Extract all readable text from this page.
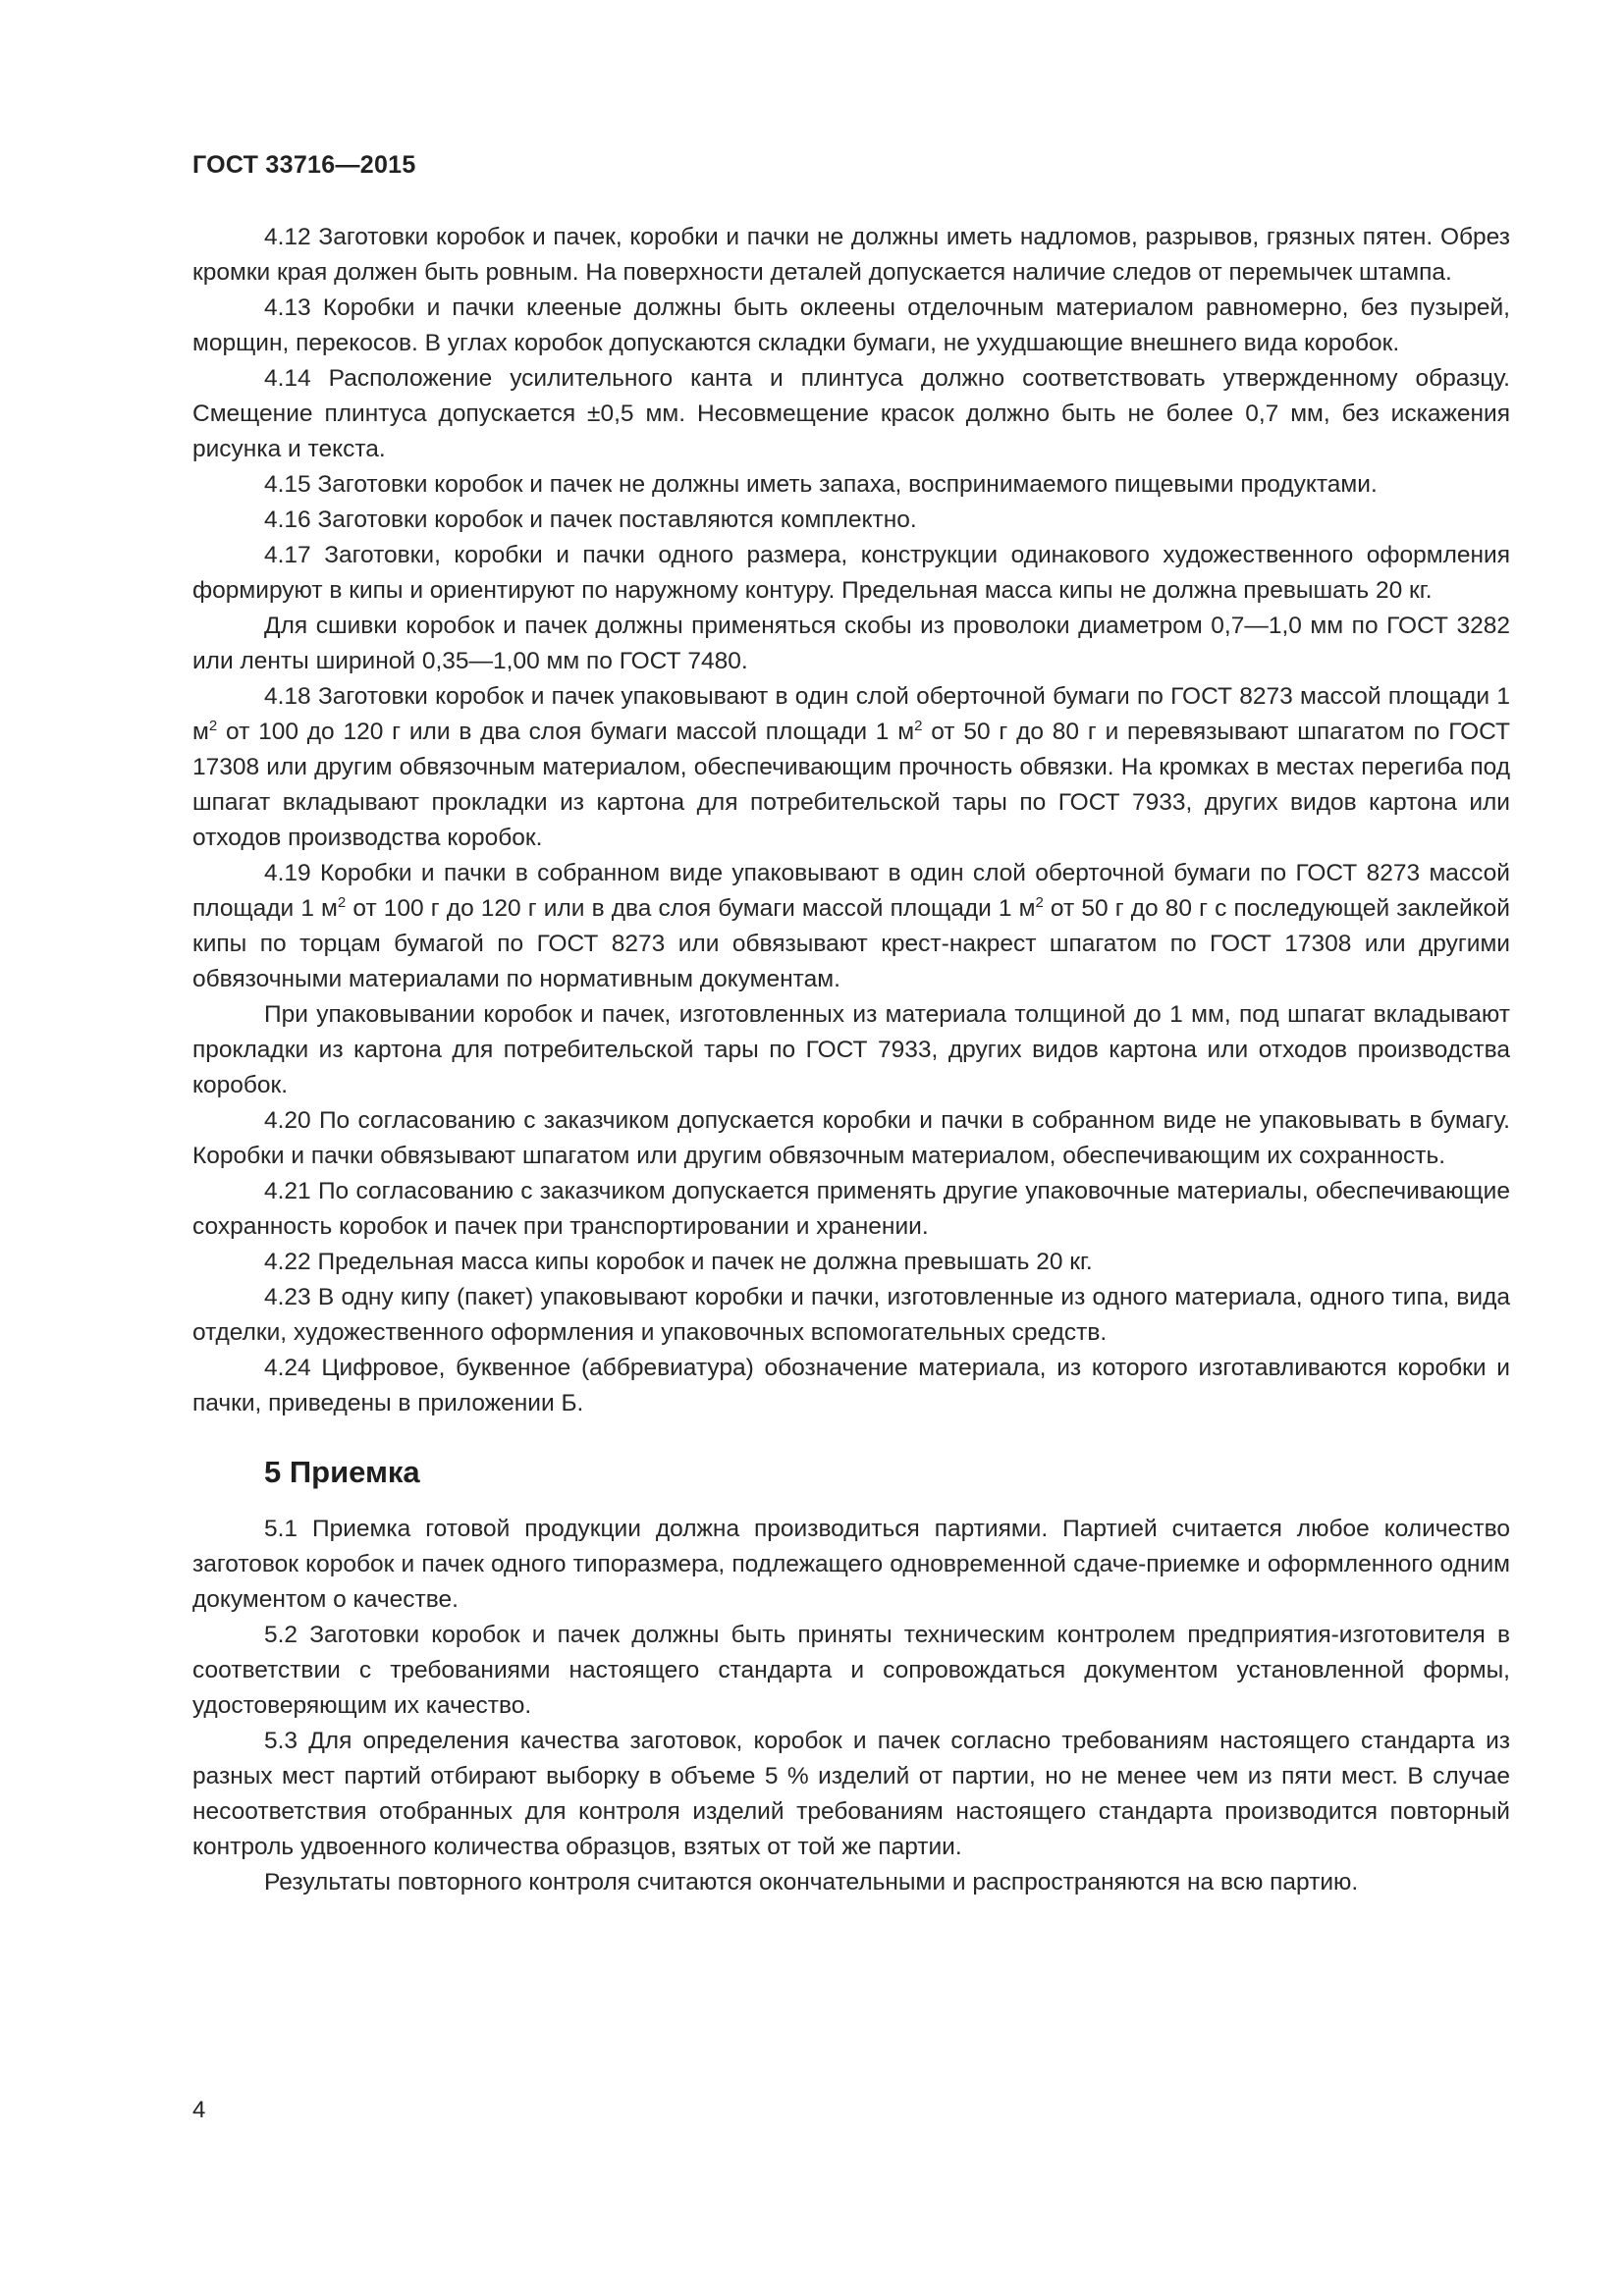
ГОСТ 33716—2015

4.12 Заготовки коробок и пачек, коробки и пачки не должны иметь надломов, разрывов, грязных пятен. Обрез кромки края должен быть ровным. На поверхности деталей допускается наличие следов от перемычек штампа.

4.13 Коробки и пачки клееные должны быть оклеены отделочным материалом равномерно, без пузырей, морщин, перекосов. В углах коробок допускаются складки бумаги, не ухудшающие внешнего вида коробок.

4.14 Расположение усилительного канта и плинтуса должно соответствовать утвержденному образцу. Смещение плинтуса допускается ±0,5 мм. Несовмещение красок должно быть не более 0,7 мм, без искажения рисунка и текста.

4.15 Заготовки коробок и пачек не должны иметь запаха, воспринимаемого пищевыми продуктами.

4.16 Заготовки коробок и пачек поставляются комплектно.

4.17 Заготовки, коробки и пачки одного размера, конструкции одинакового художественного оформления формируют в кипы и ориентируют по наружному контуру. Предельная масса кипы не должна превышать 20 кг.

Для сшивки коробок и пачек должны применяться скобы из проволоки диаметром 0,7—1,0 мм по ГОСТ 3282 или ленты шириной 0,35—1,00 мм по ГОСТ 7480.

4.18 Заготовки коробок и пачек упаковывают в один слой оберточной бумаги по ГОСТ 8273 массой площади 1 $м^2$ от 100 до 120 г или в два слоя бумаги массой площади 1 $м^2$ от 50 г до 80 г и перевязывают шпагатом по ГОСТ 17308 или другим обвязочным материалом, обеспечивающим прочность обвязки. На кромках в местах перегиба под шпагат вкладывают прокладки из картона для потребительской тары по ГОСТ 7933, других видов картона или отходов производства коробок.

4.19 Коробки и пачки в собранном виде упаковывают в один слой оберточной бумаги по ГОСТ 8273 массой площади 1 $м^2$ от 100 г до 120 г или в два слоя бумаги массой площади 1 $м^2$ от 50 г до 80 г с последующей заклейкой кипы по торцам бумагой по ГОСТ 8273 или обвязывают крест-накрест шпагатом по ГОСТ 17308 или другими обвязочными материалами по нормативным документам.

При упаковывании коробок и пачек, изготовленных из материала толщиной до 1 мм, под шпагат вкладывают прокладки из картона для потребительской тары по ГОСТ 7933, других видов картона или отходов производства коробок.

4.20 По согласованию с заказчиком допускается коробки и пачки в собранном виде не упаковывать в бумагу. Коробки и пачки обвязывают шпагатом или другим обвязочным материалом, обеспечивающим их сохранность.

4.21 По согласованию с заказчиком допускается применять другие упаковочные материалы, обеспечивающие сохранность коробок и пачек при транспортировании и хранении.

4.22 Предельная масса кипы коробок и пачек не должна превышать 20 кг.

4.23 В одну кипу (пакет) упаковывают коробки и пачки, изготовленные из одного материала, одного типа, вида отделки, художественного оформления и упаковочных вспомогательных средств.

4.24 Цифровое, буквенное (аббревиатура) обозначение материала, из которого изготавливаются коробки и пачки, приведены в приложении Б.

5 Приемка

5.1 Приемка готовой продукции должна производиться партиями. Партией считается любое количество заготовок коробок и пачек одного типоразмера, подлежащего одновременной сдаче-приемке и оформленного одним документом о качестве.

5.2 Заготовки коробок и пачек должны быть приняты техническим контролем предприятия-изготовителя в соответствии с требованиями настоящего стандарта и сопровождаться документом установленной формы, удостоверяющим их качество.

5.3 Для определения качества заготовок, коробок и пачек согласно требованиям настоящего стандарта из разных мест партий отбирают выборку в объеме 5 % изделий от партии, но не менее чем из пяти мест. В случае несоответствия отобранных для контроля изделий требованиям настоящего стандарта производится повторный контроль удвоенного количества образцов, взятых от той же партии.

Результаты повторного контроля считаются окончательными и распространяются на всю партию.

4
